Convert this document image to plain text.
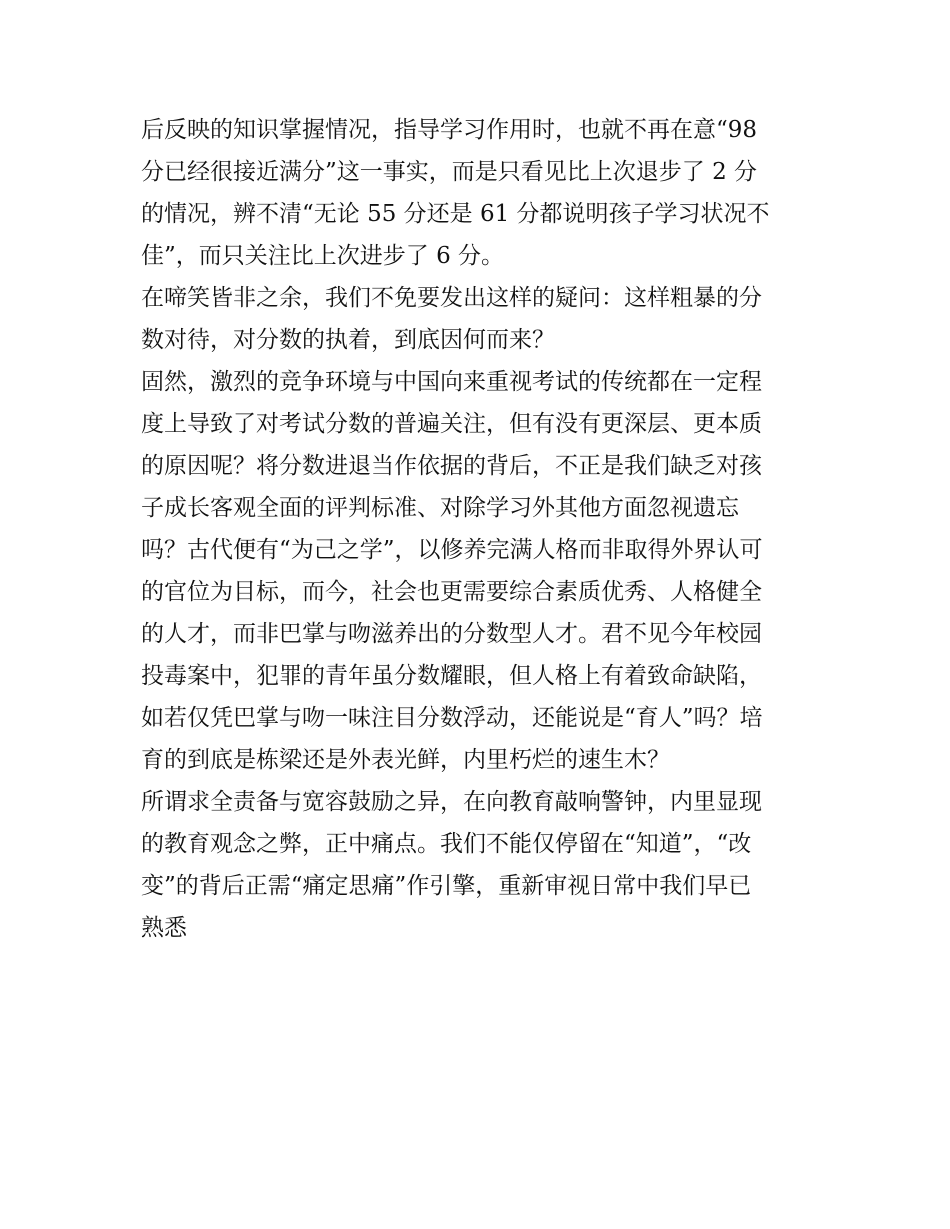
后反映的知识掌握情况，指导学习作用时，也就不再在意“98
分已经很接近满分”这一事实，而是只看见比上次退步了 2 分
的情况，辨不清“无论 55 分还是 61 分都说明孩子学习状况不
佳”，而只关注比上次进步了 6 分。
在啼笑皆非之余，我们不免要发出这样的疑问：这样粗暴的分
数对待，对分数的执着，到底因何而来？
固然，激烈的竞争环境与中国向来重视考试的传统都在一定程
度上导致了对考试分数的普遍关注，但有没有更深层、更本质
的原因呢？将分数进退当作依据的背后，不正是我们缺乏对孩
子成长客观全面的评判标准、对除学习外其他方面忽视遗忘
吗？古代便有“为己之学”，以修养完满人格而非取得外界认可
的官位为目标，而今，社会也更需要综合素质优秀、人格健全
的人才，而非巴掌与吻滋养出的分数型人才。君不见今年校园
投毒案中，犯罪的青年虽分数耀眼，但人格上有着致命缺陷，
如若仅凭巴掌与吻一味注目分数浮动，还能说是“育人”吗？培
育的到底是栋梁还是外表光鲜，内里朽烂的速生木？
所谓求全责备与宽容鼓励之异，在向教育敲响警钟，内里显现
的教育观念之弊，正中痛点。我们不能仅停留在“知道”，“改
变”的背后正需“痛定思痛”作引擎，重新审视日常中我们早已
熟悉
